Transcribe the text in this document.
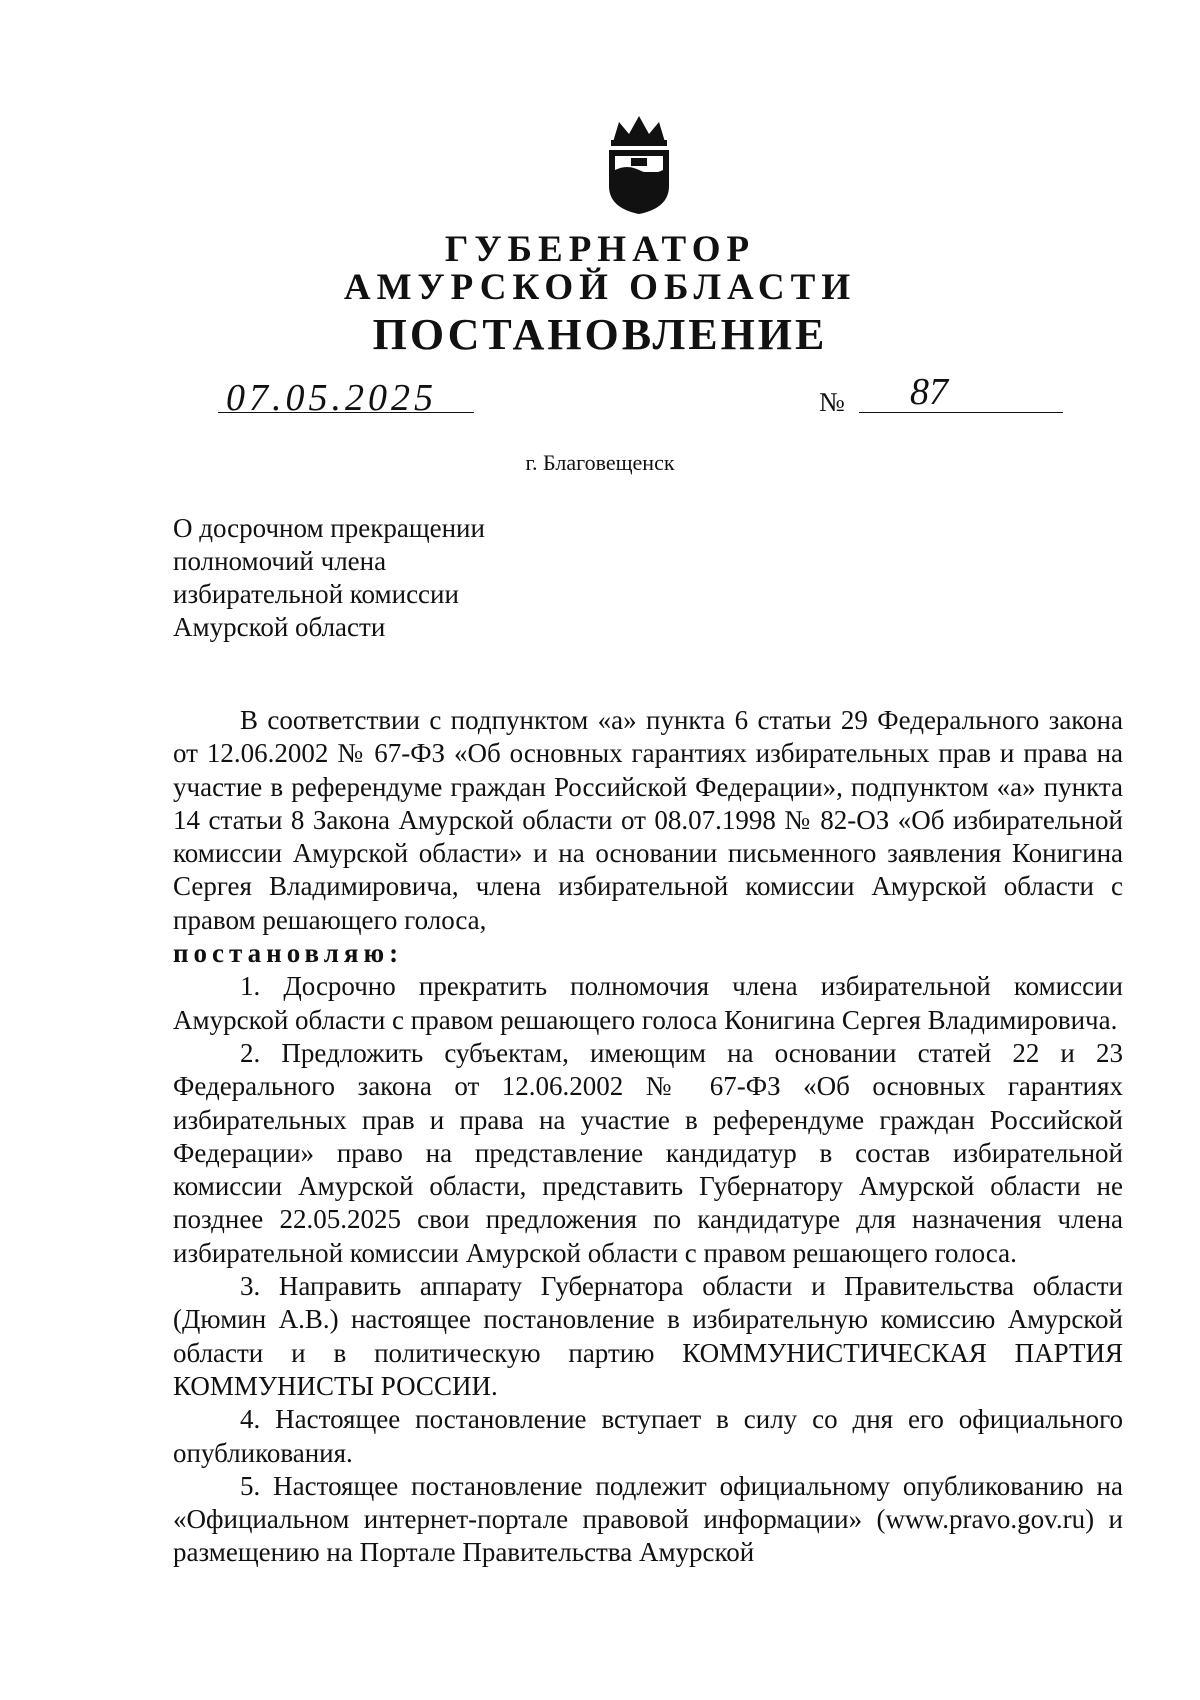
ГУБЕРНАТОР
АМУРСКОЙ ОБЛАСТИ
ПОСТАНОВЛЕНИЕ
07.05.2025	№ 87
г. Благовещенск
О досрочном прекращении
полномочий члена
избирательной комиссии
Амурской области

В соответствии с подпунктом «а» пункта 6 статьи 29 Федерального закона от 12.06.2002 № 67-ФЗ «Об основных гарантиях избирательных прав и права на участие в референдуме граждан Российской Федерации», подпунктом «а» пункта 14 статьи 8 Закона Амурской области от 08.07.1998 № 82-ОЗ «Об избирательной комиссии Амурской области» и на основании письменного заявления Конигина Сергея Владимировича, члена избирательной комиссии Амурской области с правом решающего голоса,

постановляю:

1. Досрочно прекратить полномочия члена избирательной комиссии Амурской области с правом решающего голоса Конигина Сергея Владимировича.

2. Предложить субъектам, имеющим на основании статей 22 и 23 Федерального закона от 12.06.2002 № 67-ФЗ «Об основных гарантиях избирательных прав и права на участие в референдуме граждан Российской Федерации» право на представление кандидатур в состав избирательной комиссии Амурской области, представить Губернатору Амурской области не позднее 22.05.2025 свои предложения по кандидатуре для назначения члена избирательной комиссии Амурской области с правом решающего голоса.

3. Направить аппарату Губернатора области и Правительства области (Дюмин А.В.) настоящее постановление в избирательную комиссию Амурской области и в политическую партию КОММУНИСТИЧЕСКАЯ ПАРТИЯ КОММУНИСТЫ РОССИИ.

4. Настоящее постановление вступает в силу со дня его официального опубликования.

5. Настоящее постановление подлежит официальному опубликованию на «Официальном интернет-портале правовой информации» (www.pravo.gov.ru) и размещению на Портале Правительства Амурской
